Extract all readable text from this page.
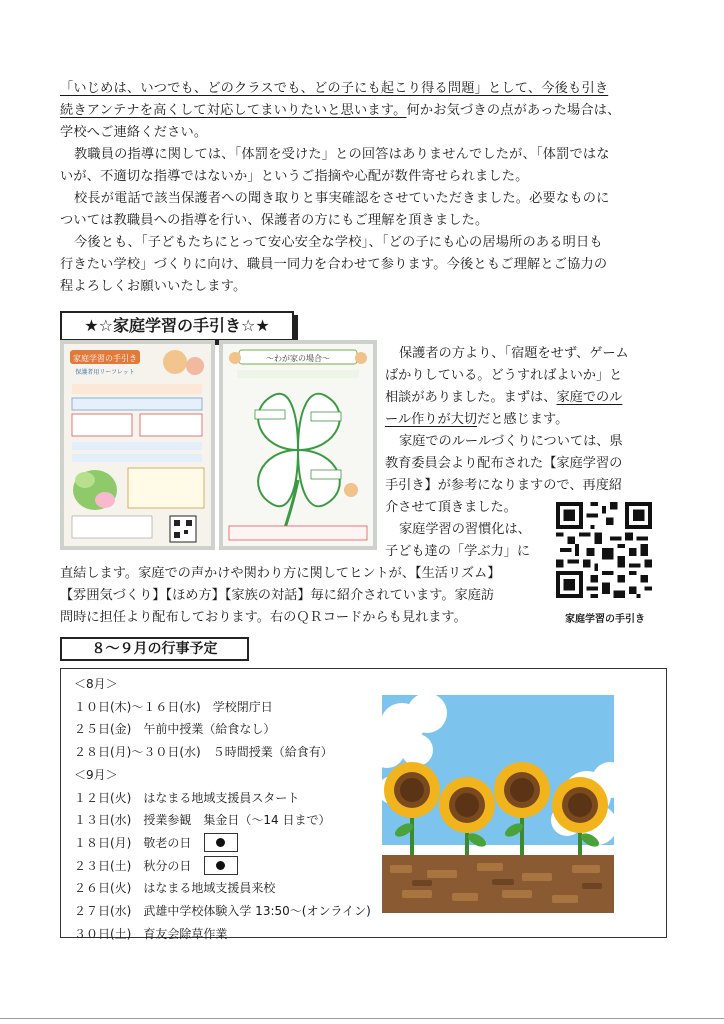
「いじめは、いつでも、どのクラスでも、どの子にも起こり得る問題」として、今後も引き
続きアンテナを高くして対応してまいりたいと思います。何かお気づきの点があった場合は、
学校へご連絡ください。
教職員の指導に関しては、「体罰を受けた」との回答はありませんでしたが、「体罰ではな
いが、不適切な指導ではないか」というご指摘や心配が数件寄せられました。
校長が電話で該当保護者への聞き取りと事実確認をさせていただきました。必要なものに
ついては教職員への指導を行い、保護者の方にもご理解を頂きました。
今後とも、「子どもたちにとって安心安全な学校」、「どの子にも心の居場所のある明日も
行きたい学校」づくりに向け、職員一同力を合わせて参ります。今後ともご理解とご協力の
程よろしくお願いいたします。
★☆家庭学習の手引き☆★
家庭学習の手引き
保護者用リーフレット
～わが家の場合～	保護者の方より、「宿題をせず、ゲーム
ばかりしている。どうすればよいか」と
相談がありました。まずは、家庭でのル
ール作りが大切だと感じます。
家庭でのルールづくりについては、県
教育委員会より配布された【家庭学習の
手引き】が参考になりますので、再度紹
介させて頂きました。
家庭学習の習慣化は、
子ども達の「学ぶ力」に
直結します。家庭での声かけや関わり方に関してヒントが、【生活リズム】
【雰囲気づくり】【ほめ方】【家族の対話】毎に紹介されています。家庭訪
問時に担任より配布しております。右のＱＲコードからも見れます。	家庭学習の手引き
８～９月の行事予定
＜8月＞
１０日(木)～１６日(水)　学校閉庁日
２５日(金)　午前中授業（給食なし）
２８日(月)～３０日(水)　５時間授業（給食有）
＜9月＞
１２日(火)　はなまる地域支援員スタート
１３日(水)　授業参観　集金日（～14 日まで）
１８日(月)　敬老の日
２３日(土)　秋分の日
２６日(火)　はなまる地域支援員来校
２７日(水)　武雄中学校体験入学 13:50～(オンライン)
３０日(土)　育友会除草作業
